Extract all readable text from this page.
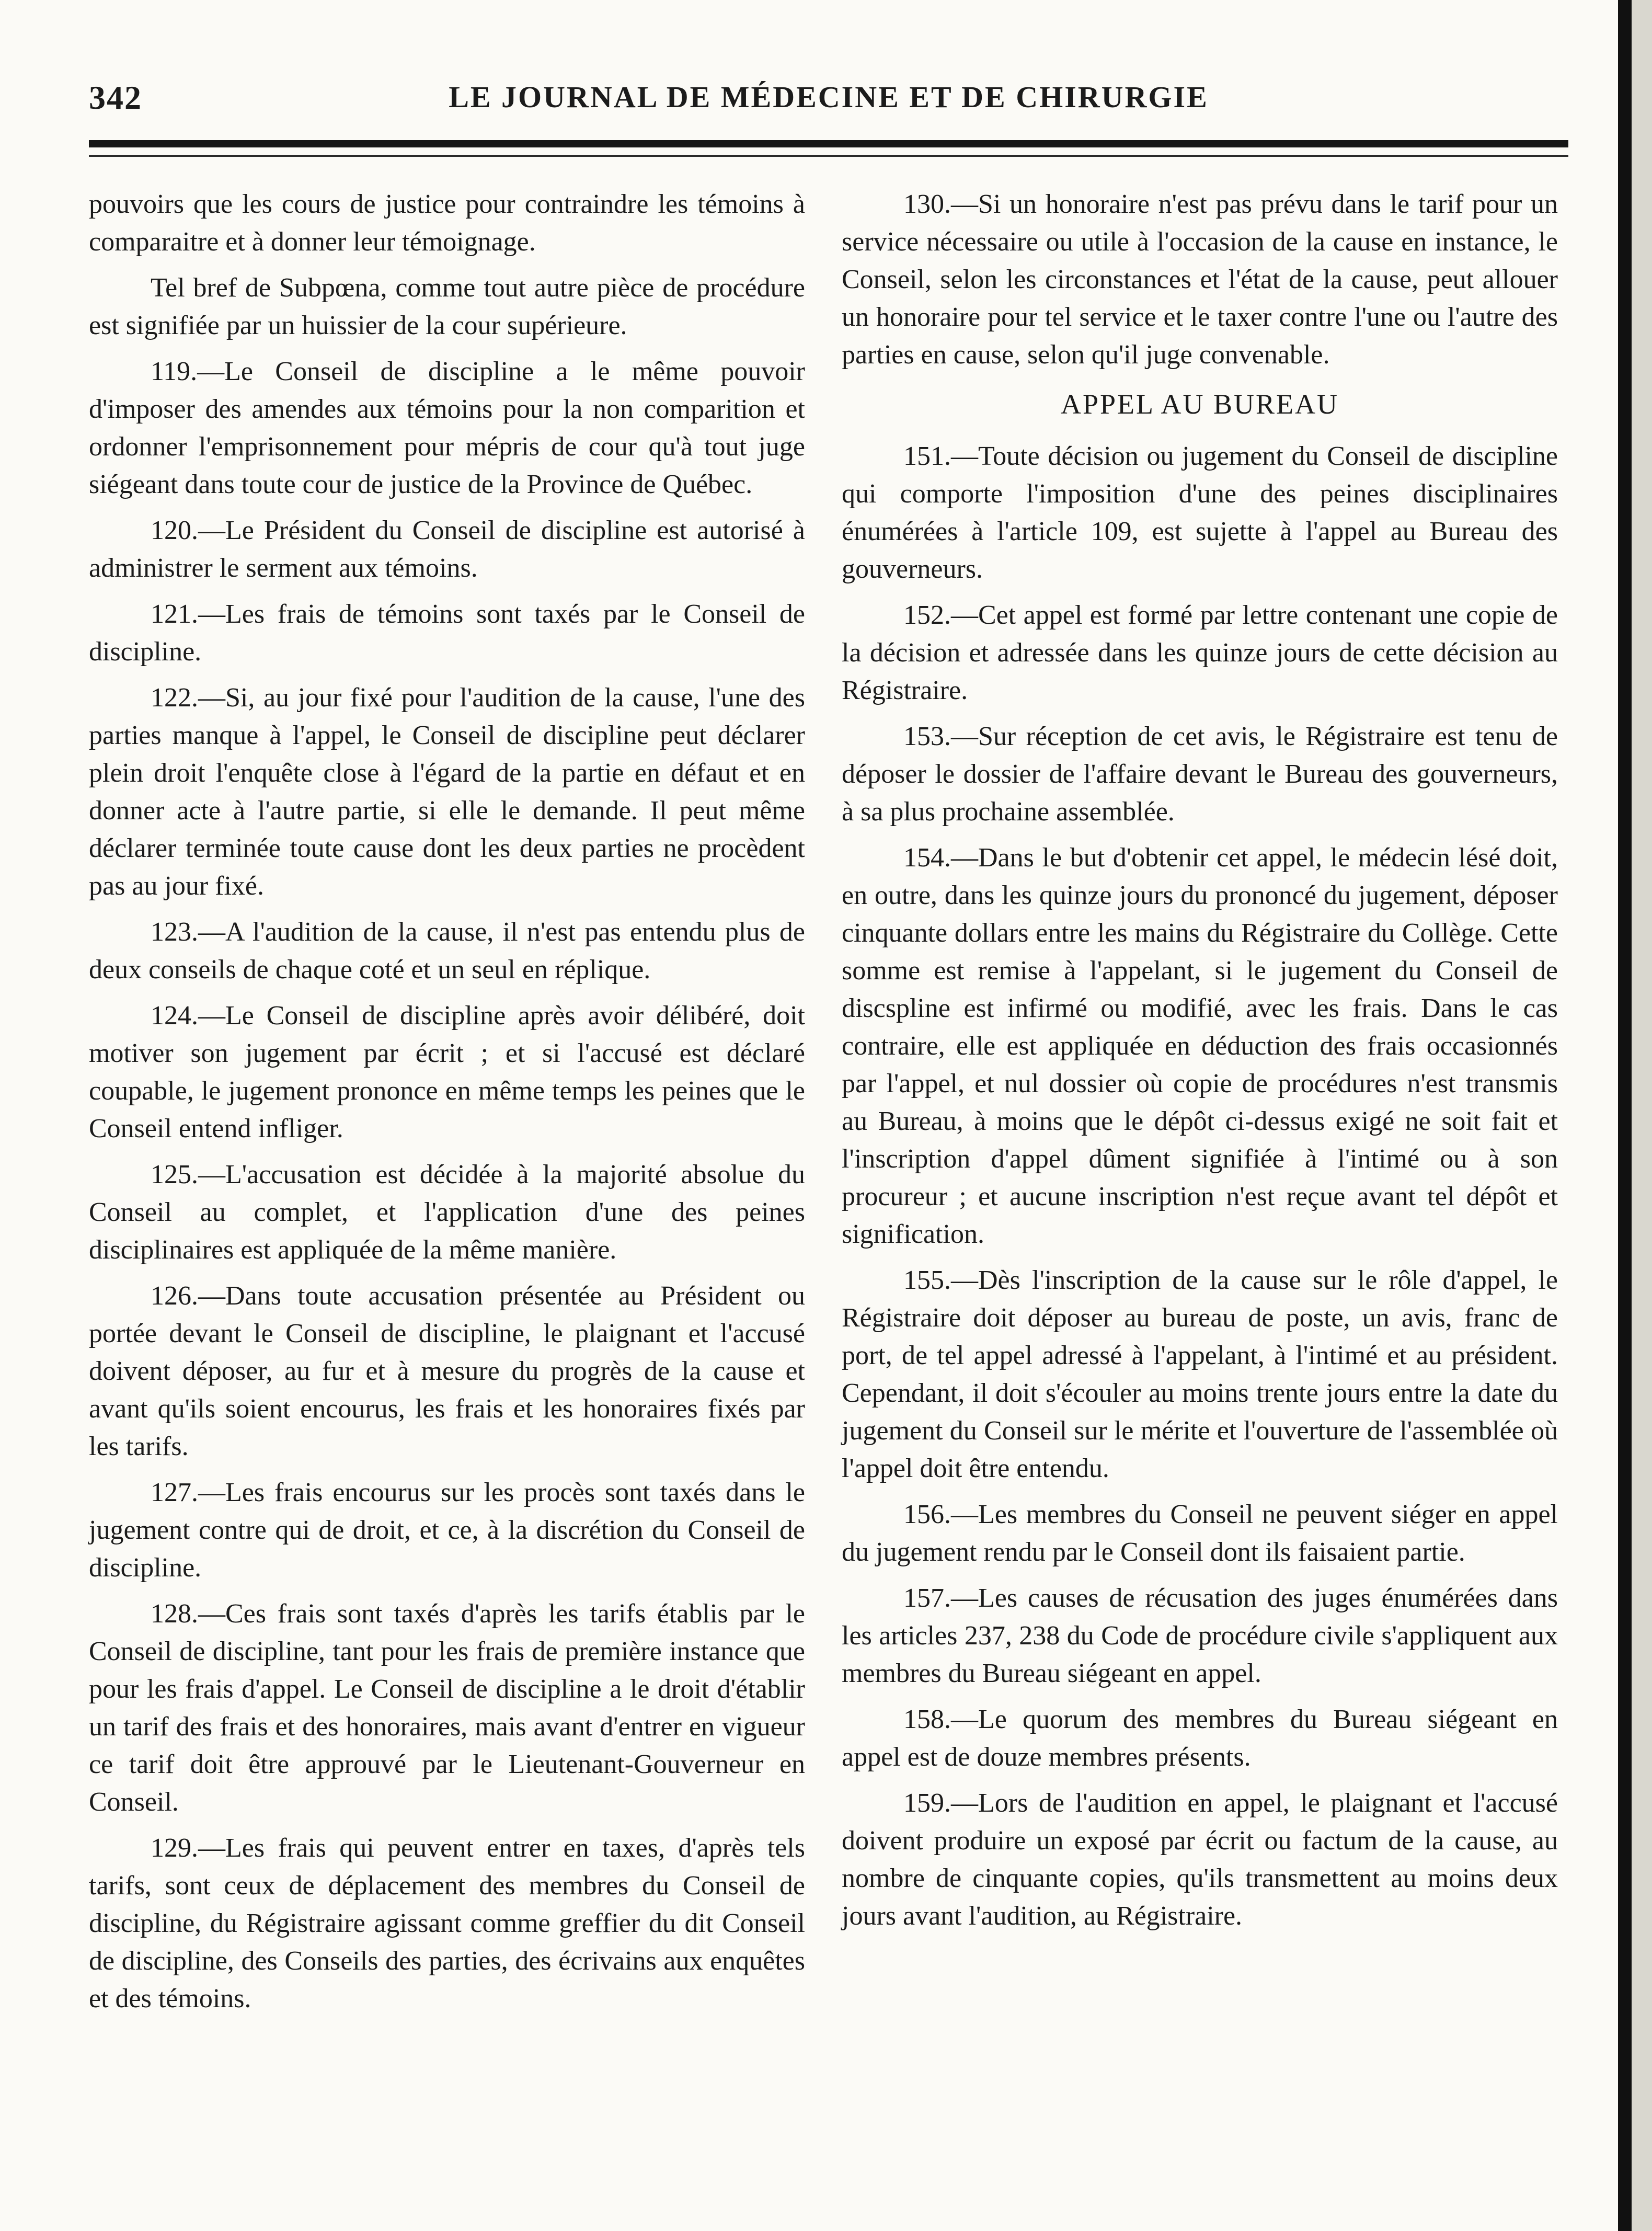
342	LE JOURNAL DE MÉDECINE ET DE CHIRURGIE

pouvoirs que les cours de justice pour contraindre les témoins à comparaitre et à donner leur témoignage.

Tel bref de Subpœna, comme tout autre pièce de procédure est signifiée par un huissier de la cour supérieure.

119.—Le Conseil de discipline a le même pouvoir d'imposer des amendes aux témoins pour la non comparition et ordonner l'emprisonnement pour mépris de cour qu'à tout juge siégeant dans toute cour de justice de la Province de Québec.

120.—Le Président du Conseil de discipline est autorisé à administrer le serment aux témoins.

121.—Les frais de témoins sont taxés par le Conseil de discipline.

122.—Si, au jour fixé pour l'audition de la cause, l'une des parties manque à l'appel, le Conseil de discipline peut déclarer plein droit l'enquête close à l'égard de la partie en défaut et en donner acte à l'autre partie, si elle le demande. Il peut même déclarer terminée toute cause dont les deux parties ne procèdent pas au jour fixé.

123.—A l'audition de la cause, il n'est pas entendu plus de deux conseils de chaque coté et un seul en réplique.

124.—Le Conseil de discipline après avoir délibéré, doit motiver son jugement par écrit ; et si l'accusé est déclaré coupable, le jugement prononce en même temps les peines que le Conseil entend infliger.

125.—L'accusation est décidée à la majorité absolue du Conseil au complet, et l'application d'une des peines disciplinaires est appliquée de la même manière.

126.—Dans toute accusation présentée au Président ou portée devant le Conseil de discipline, le plaignant et l'accusé doivent déposer, au fur et à mesure du progrès de la cause et avant qu'ils soient encourus, les frais et les honoraires fixés par les tarifs.

127.—Les frais encourus sur les procès sont taxés dans le jugement contre qui de droit, et ce, à la discrétion du Conseil de discipline.

128.—Ces frais sont taxés d'après les tarifs établis par le Conseil de discipline, tant pour les frais de première instance que pour les frais d'appel. Le Conseil de discipline a le droit d'établir un tarif des frais et des honoraires, mais avant d'entrer en vigueur ce tarif doit être approuvé par le Lieutenant-Gouverneur en Conseil.

129.—Les frais qui peuvent entrer en taxes, d'après tels tarifs, sont ceux de déplacement des membres du Conseil de discipline, du Régistraire agissant comme greffier du dit Conseil de discipline, des Conseils des parties, des écrivains aux enquêtes et des témoins.

130.—Si un honoraire n'est pas prévu dans le tarif pour un service nécessaire ou utile à l'occasion de la cause en instance, le Conseil, selon les circonstances et l'état de la cause, peut allouer un honoraire pour tel service et le taxer contre l'une ou l'autre des parties en cause, selon qu'il juge convenable.

APPEL AU BUREAU

151.—Toute décision ou jugement du Conseil de discipline qui comporte l'imposition d'une des peines disciplinaires énumérées à l'article 109, est sujette à l'appel au Bureau des gouverneurs.

152.—Cet appel est formé par lettre contenant une copie de la décision et adressée dans les quinze jours de cette décision au Régistraire.

153.—Sur réception de cet avis, le Régistraire est tenu de déposer le dossier de l'affaire devant le Bureau des gouverneurs, à sa plus prochaine assemblée.

154.—Dans le but d'obtenir cet appel, le médecin lésé doit, en outre, dans les quinze jours du prononcé du jugement, déposer cinquante dollars entre les mains du Régistraire du Collège. Cette somme est remise à l'appelant, si le jugement du Conseil de discspline est infirmé ou modifié, avec les frais. Dans le cas contraire, elle est appliquée en déduction des frais occasionnés par l'appel, et nul dossier où copie de procédures n'est transmis au Bureau, à moins que le dépôt ci-dessus exigé ne soit fait et l'inscription d'appel dûment signifiée à l'intimé ou à son procureur ; et aucune inscription n'est reçue avant tel dépôt et signification.

155.—Dès l'inscription de la cause sur le rôle d'appel, le Régistraire doit déposer au bureau de poste, un avis, franc de port, de tel appel adressé à l'appelant, à l'intimé et au président. Cependant, il doit s'écouler au moins trente jours entre la date du jugement du Conseil sur le mérite et l'ouverture de l'assemblée où l'appel doit être entendu.

156.—Les membres du Conseil ne peuvent siéger en appel du jugement rendu par le Conseil dont ils faisaient partie.

157.—Les causes de récusation des juges énumérées dans les articles 237, 238 du Code de procédure civile s'appliquent aux membres du Bureau siégeant en appel.

158.—Le quorum des membres du Bureau siégeant en appel est de douze membres présents.

159.—Lors de l'audition en appel, le plaignant et l'accusé doivent produire un exposé par écrit ou factum de la cause, au nombre de cinquante copies, qu'ils transmettent au moins deux jours avant l'audition, au Régistraire.
